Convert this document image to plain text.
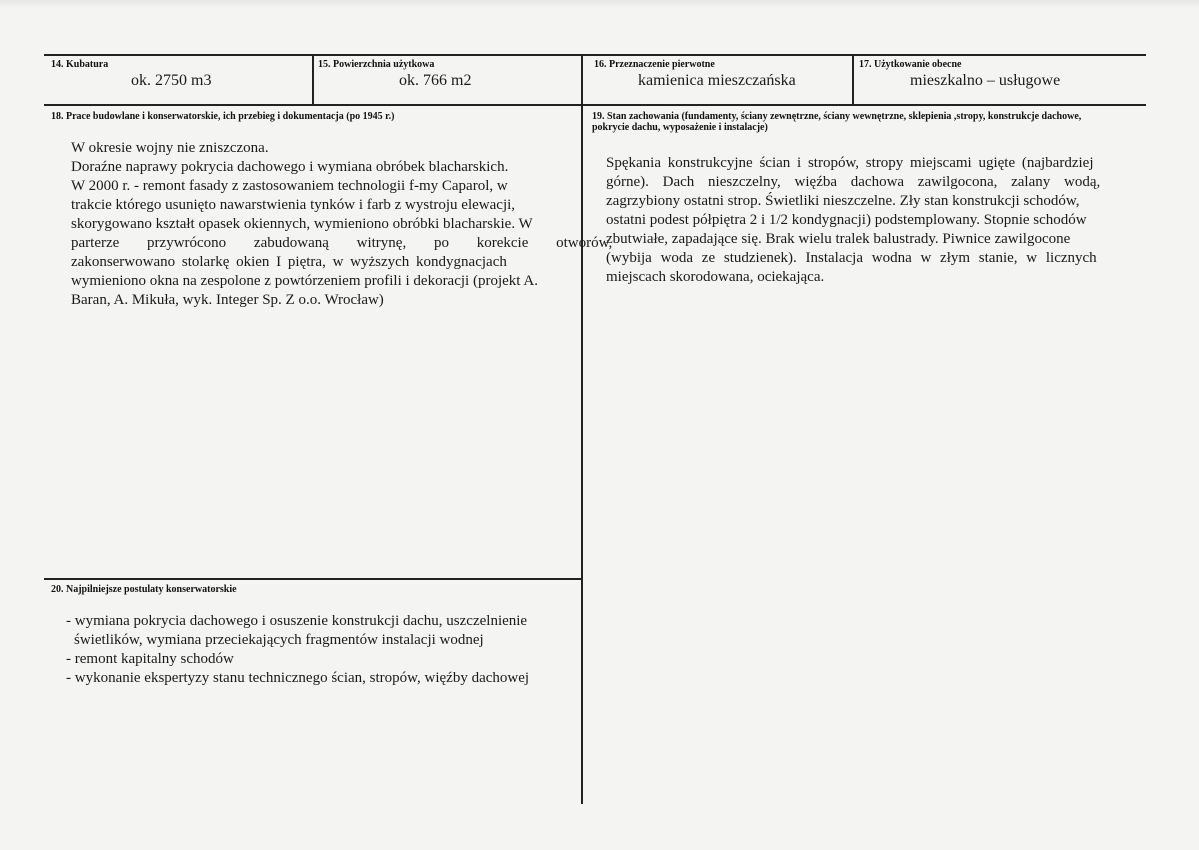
14. Kubatura
ok. 2750 m3
15. Powierzchnia użytkowa
ok. 766 m2
16. Przeznaczenie pierwotne
kamienica mieszczańska
17. Użytkowanie obecne
mieszkalno – usługowe
18. Prace budowlane i konserwatorskie, ich przebieg i dokumentacja (po 1945 r.)
W okresie wojny nie zniszczona.
Doraźne naprawy pokrycia dachowego i wymiana obróbek blacharskich.
W 2000 r. - remont fasady z zastosowaniem technologii f-my Caparol, w
trakcie którego usunięto nawarstwienia tynków i farb z wystroju elewacji,
skorygowano kształt opasek okiennych, wymieniono obróbki blacharskie. W
parterze przywrócono zabudowaną witrynę, po korekcie otworów,
zakonserwowano stolarkę okien I piętra, w wyższych kondygnacjach
wymieniono okna na zespolone z powtórzeniem profili i dekoracji (projekt A.
Baran, A. Mikuła, wyk. Integer Sp. Z o.o. Wrocław)
19. Stan zachowania (fundamenty, ściany zewnętrzne, ściany wewnętrzne, sklepienia ,stropy, konstrukcje dachowe, pokrycie dachu, wyposażenie i instalacje)
Spękania konstrukcyjne ścian i stropów, stropy miejscami ugięte (najbardziej
górne). Dach nieszczelny, więźba dachowa zawilgocona, zalany wodą,
zagrzybiony ostatni strop. Świetliki nieszczelne. Zły stan konstrukcji schodów,
ostatni podest półpiętra 2 i 1/2 kondygnacji) podstemplowany. Stopnie schodów
zbutwiałe, zapadające się. Brak wielu tralek balustrady. Piwnice zawilgocone
(wybija woda ze studzienek). Instalacja wodna w złym stanie, w licznych
miejscach skorodowana, ociekająca.
20. Najpilniejsze postulaty konserwatorskie
- wymiana pokrycia dachowego i osuszenie konstrukcji dachu, uszczelnienie
świetlików, wymiana przeciekających fragmentów instalacji wodnej
- remont kapitalny schodów
- wykonanie ekspertyzy stanu technicznego ścian, stropów, więźby dachowej
